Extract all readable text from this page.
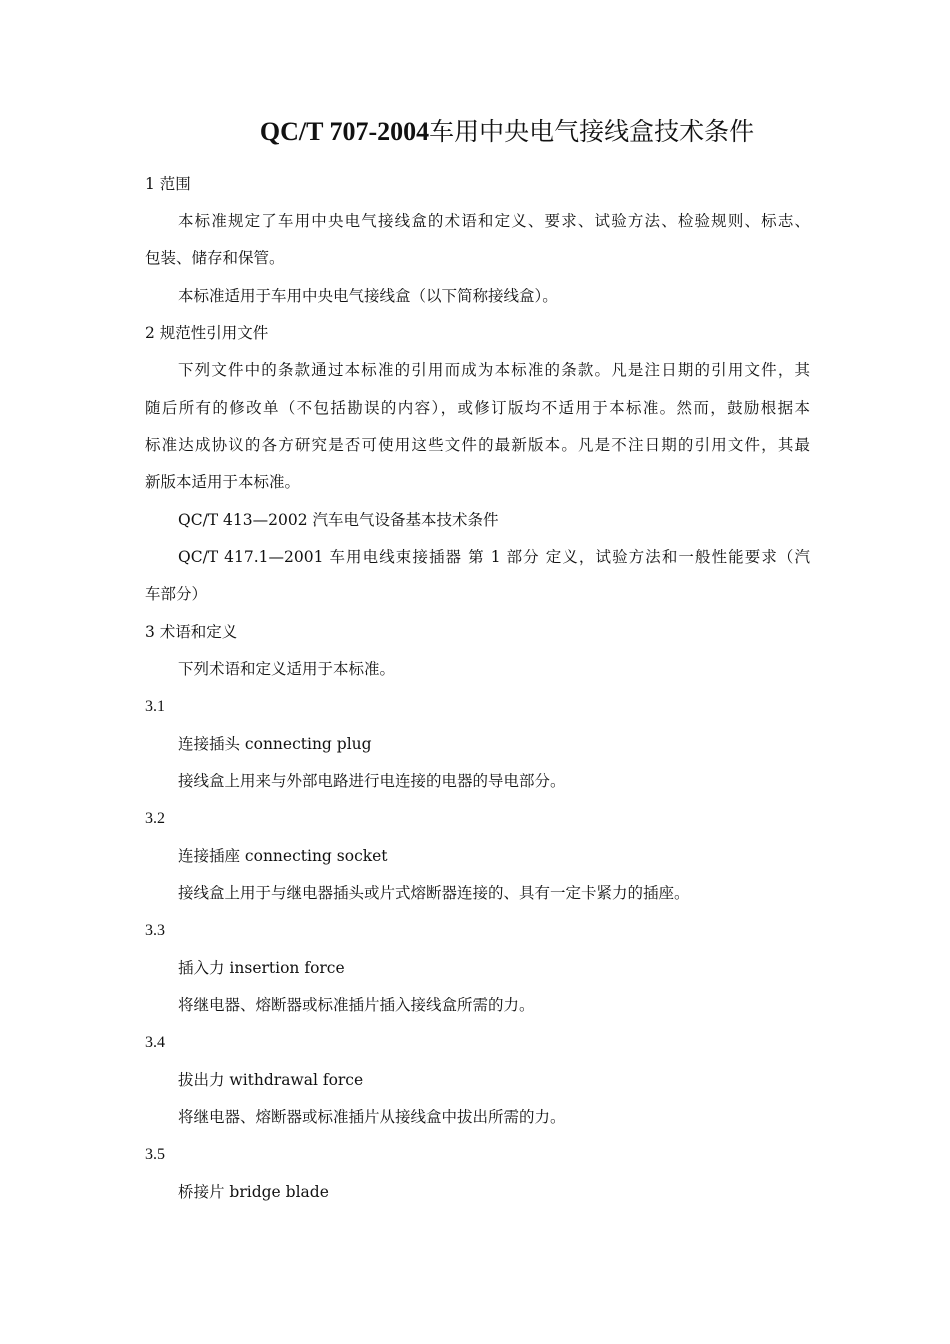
QC/T 707-2004车用中央电气接线盒技术条件
1 范围
本标准规定了车用中央电气接线盒的术语和定义、要求、试验方法、检验规则、标志、
包装、储存和保管。
本标准适用于车用中央电气接线盒（以下简称接线盒）。
2 规范性引用文件
下列文件中的条款通过本标准的引用而成为本标准的条款。凡是注日期的引用文件，其
随后所有的修改单（不包括勘误的内容），或修订版均不适用于本标准。然而，鼓励根据本
标准达成协议的各方研究是否可使用这些文件的最新版本。凡是不注日期的引用文件，其最
新版本适用于本标准。
QC/T 413—2002 汽车电气设备基本技术条件
QC/T 417.1—2001 车用电线束接插器 第 1 部分 定义，试验方法和一般性能要求（汽
车部分）
3 术语和定义
下列术语和定义适用于本标准。
3.1
连接插头 connecting plug
接线盒上用来与外部电路进行电连接的电器的导电部分。
3.2
连接插座 connecting socket
接线盒上用于与继电器插头或片式熔断器连接的、具有一定卡紧力的插座。
3.3
插入力 insertion force
将继电器、熔断器或标准插片插入接线盒所需的力。
3.4
拔出力 withdrawal force
将继电器、熔断器或标准插片从接线盒中拔出所需的力。
3.5
桥接片 bridge blade
